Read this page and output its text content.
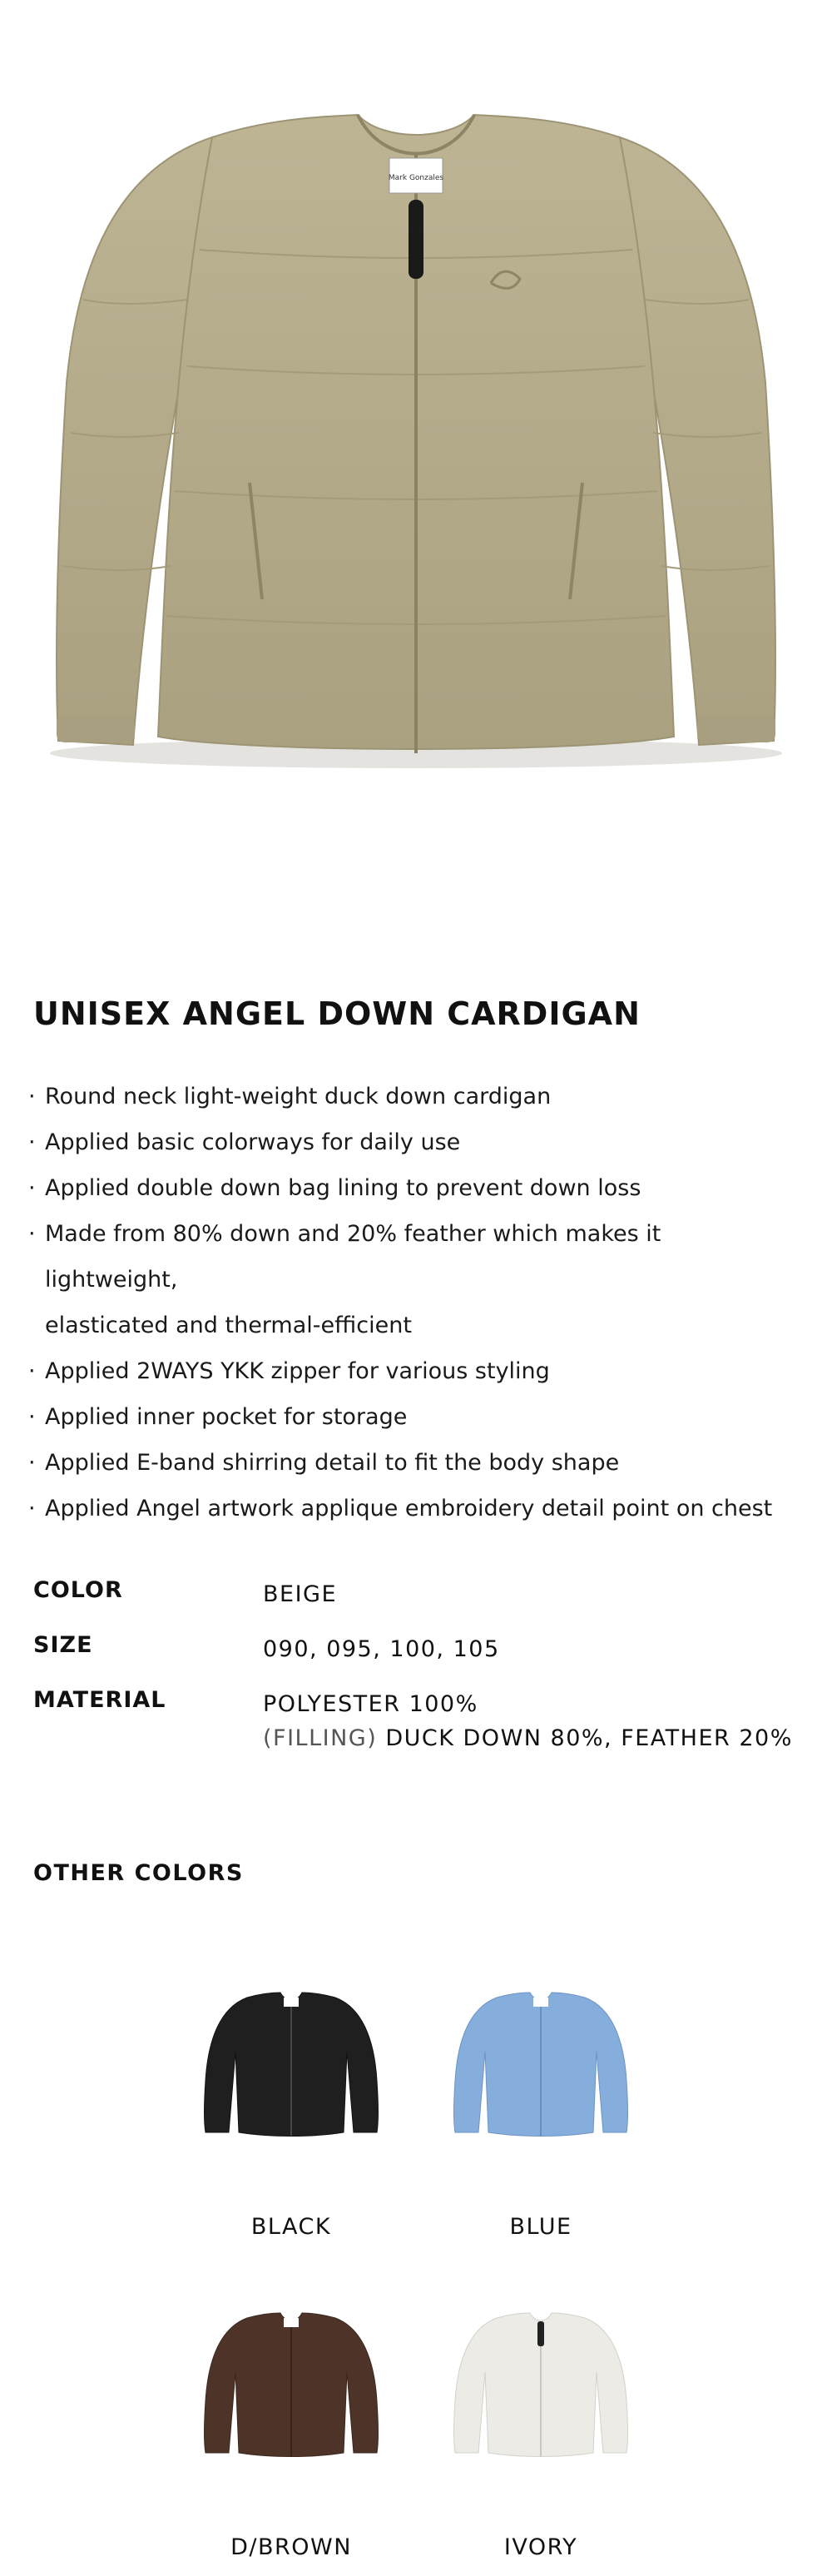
Mark Gonzales
UNISEX ANGEL DOWN CARDIGAN
· Round neck light-weight duck down cardigan
· Applied basic colorways for daily use
· Applied double down bag lining to prevent down loss
· Made from 80% down and 20% feather which makes it lightweight,
elasticated and thermal-efficient
· Applied 2WAYS YKK zipper for various styling
· Applied inner pocket for storage
· Applied E-band shirring detail to fit the body shape
· Applied Angel artwork applique embroidery detail point on chest
COLOR	BEIGE
SIZE	090, 095, 100, 105
MATERIAL	POLYESTER 100%
(FILLING) DUCK DOWN 80%, FEATHER 20%
OTHER COLORS
BLACK	BLUE
D/BROWN	IVORY
